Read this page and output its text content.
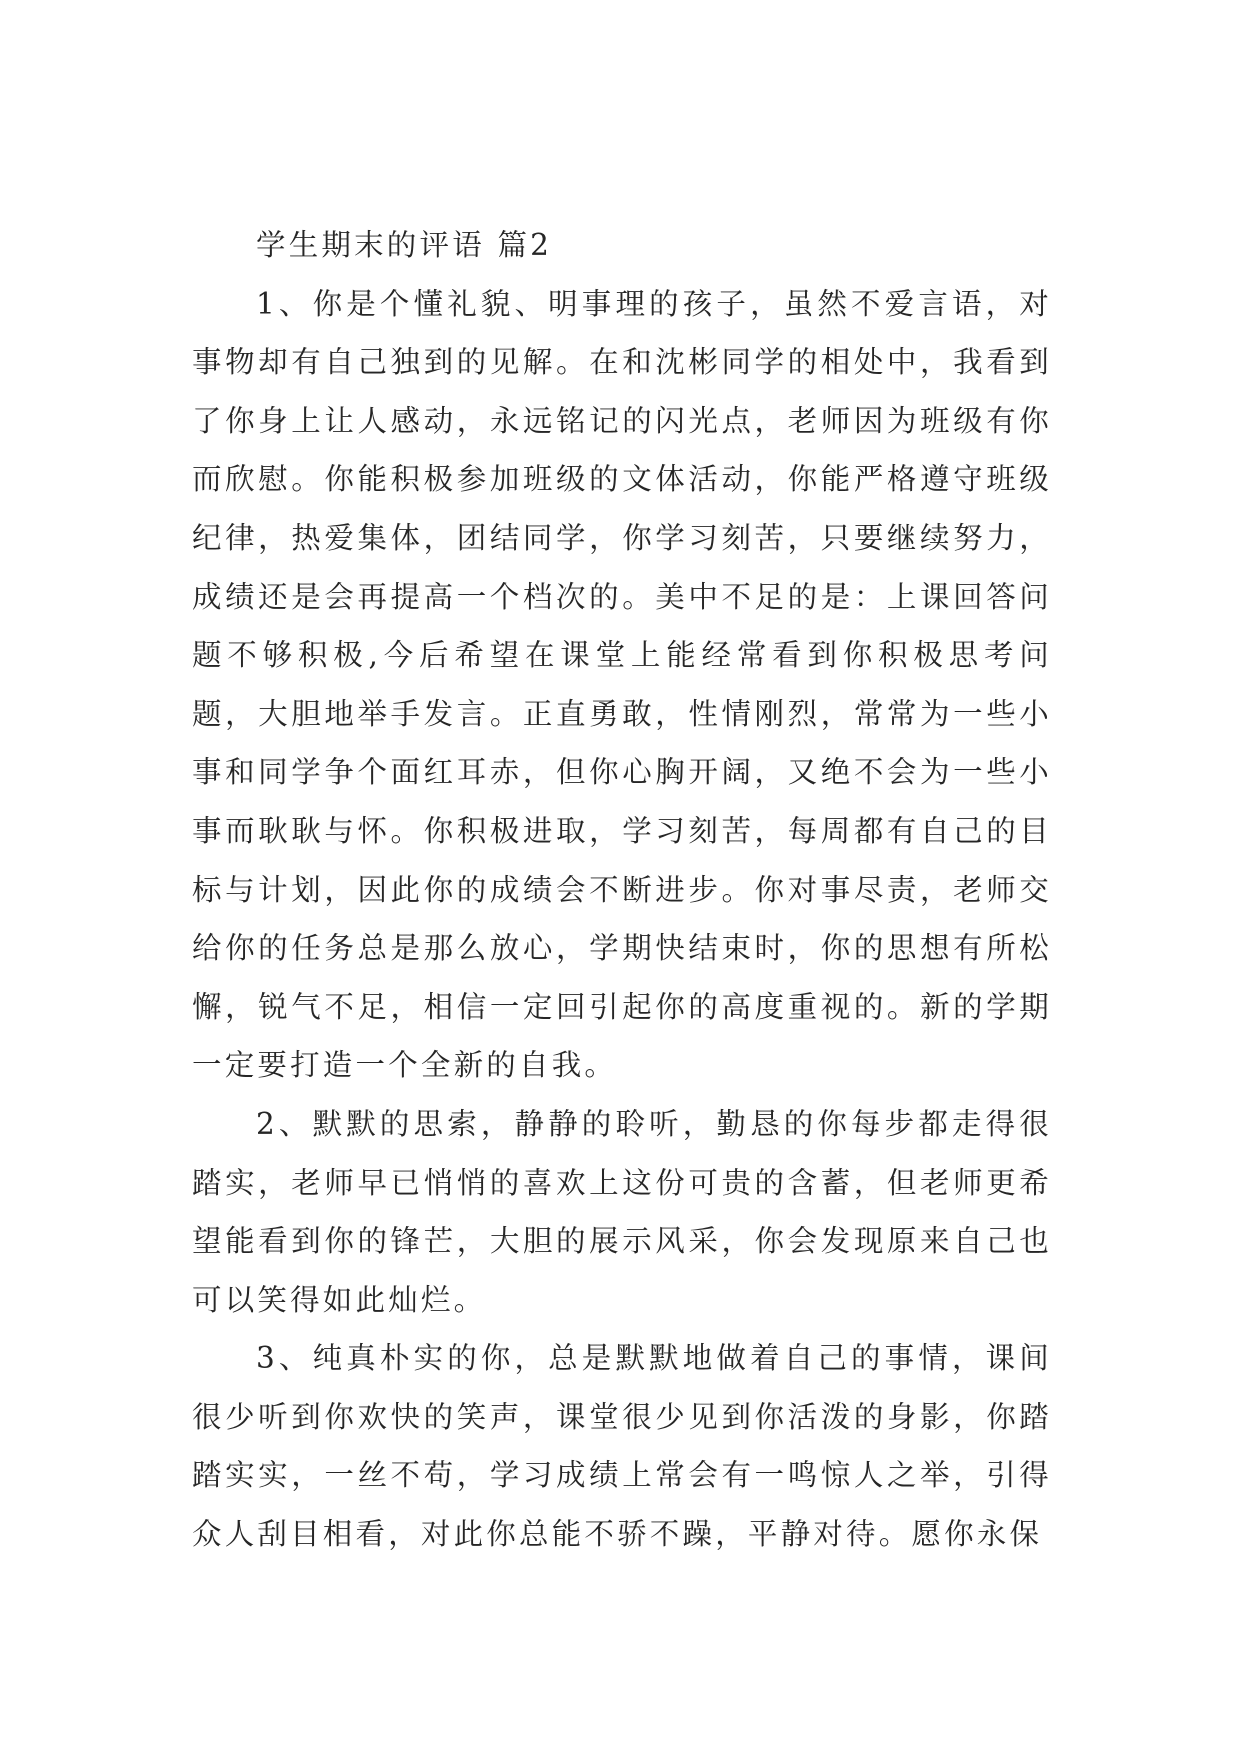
学生期末的评语 篇2

1、你是个懂礼貌、明事理的孩子，虽然不爱言语，对事物却有自己独到的见解。在和沈彬同学的相处中，我看到了你身上让人感动，永远铭记的闪光点，老师因为班级有你而欣慰。你能积极参加班级的文体活动，你能严格遵守班级纪律，热爱集体，团结同学，你学习刻苦，只要继续努力，成绩还是会再提高一个档次的。美中不足的是：上课回答问题不够积极,今后希望在课堂上能经常看到你积极思考问题，大胆地举手发言。正直勇敢，性情刚烈，常常为一些小事和同学争个面红耳赤，但你心胸开阔，又绝不会为一些小事而耿耿与怀。你积极进取，学习刻苦，每周都有自己的目标与计划，因此你的成绩会不断进步。你对事尽责，老师交给你的任务总是那么放心，学期快结束时，你的思想有所松懈，锐气不足，相信一定回引起你的高度重视的。新的学期一定要打造一个全新的自我。

2、默默的思索，静静的聆听，勤恳的你每步都走得很踏实，老师早已悄悄的喜欢上这份可贵的含蓄，但老师更希望能看到你的锋芒，大胆的展示风采，你会发现原来自己也可以笑得如此灿烂。

3、纯真朴实的你，总是默默地做着自己的事情，课间很少听到你欢快的笑声，课堂很少见到你活泼的身影，你踏踏实实，一丝不苟，学习成绩上常会有一鸣惊人之举，引得众人刮目相看，对此你总能不骄不躁，平静对待。愿你永保
